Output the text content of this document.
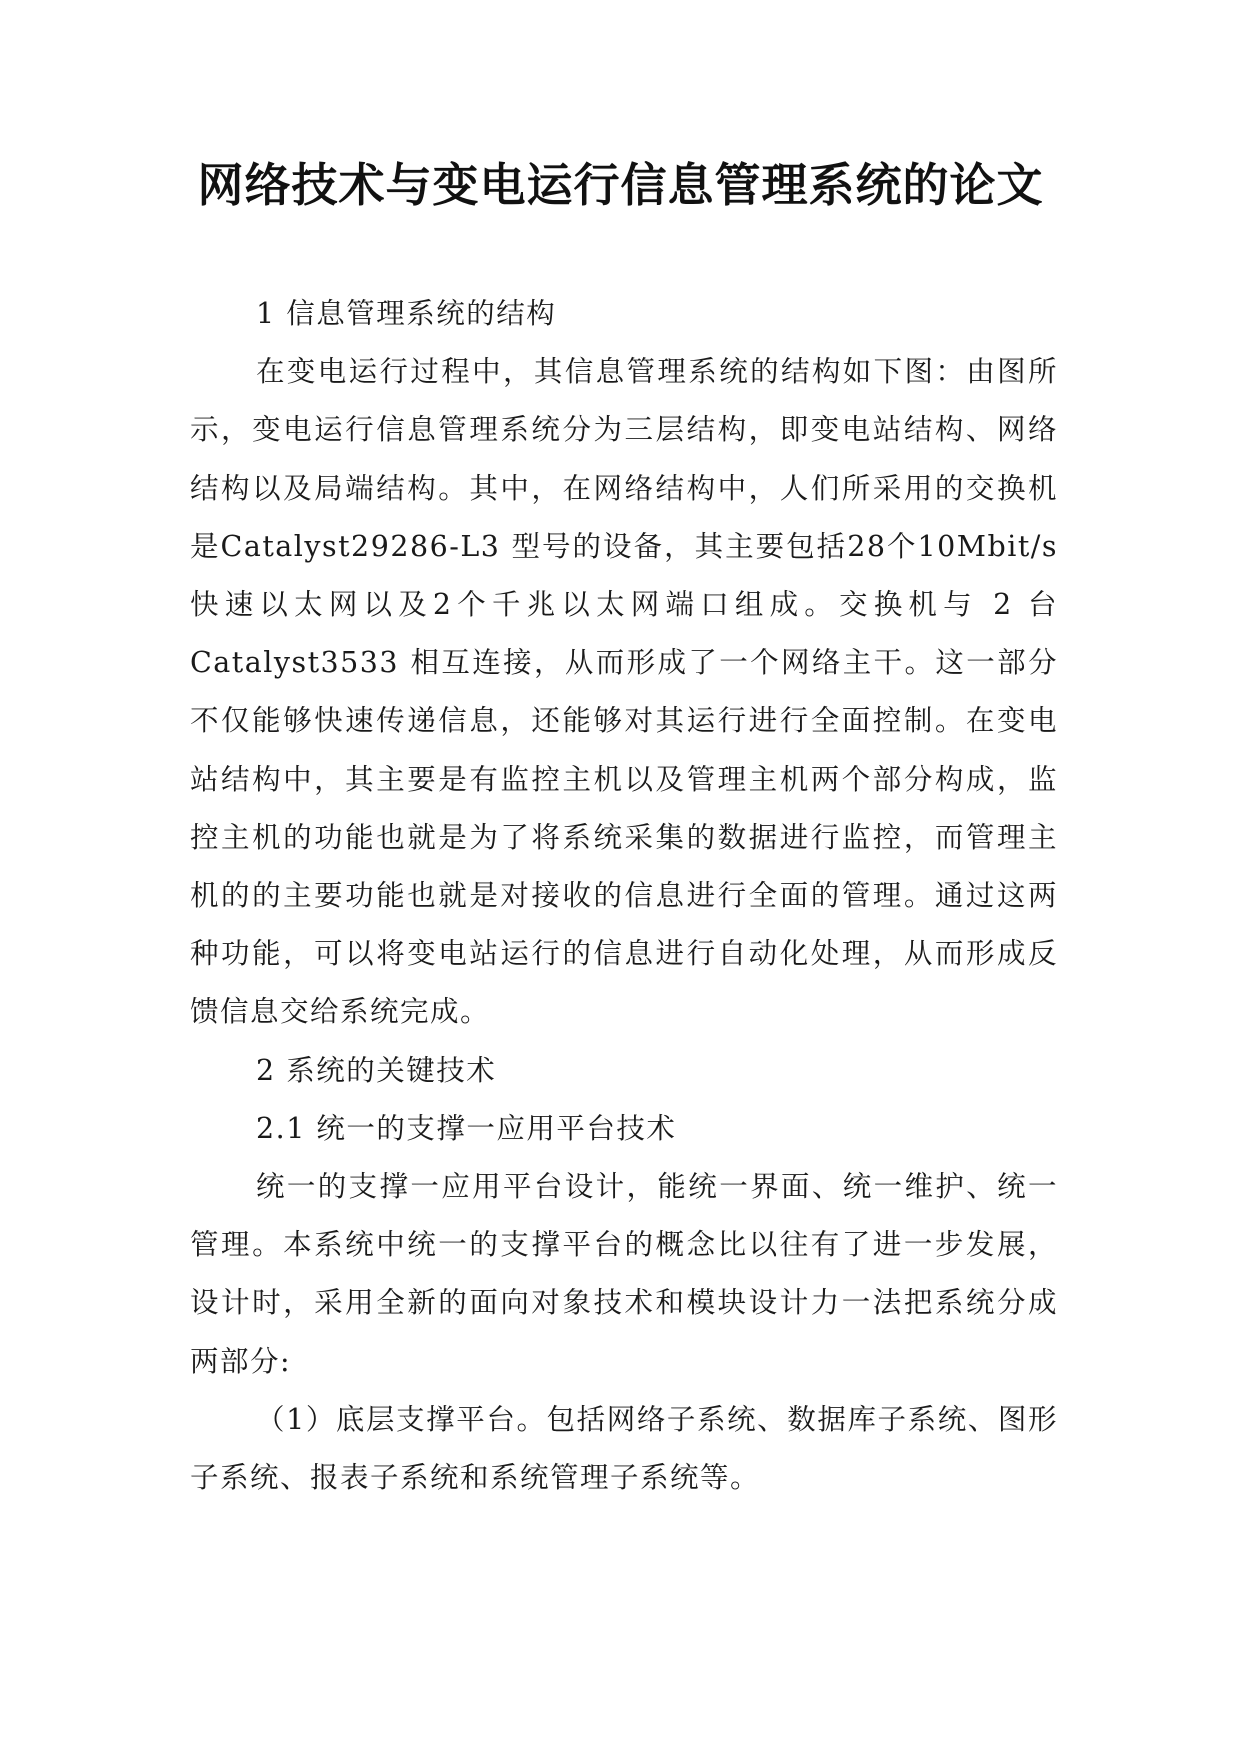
网络技术与变电运行信息管理系统的论文

1 信息管理系统的结构

在变电运行过程中，其信息管理系统的结构如下图：由图所示，变电运行信息管理系统分为三层结构，即变电站结构、网络结构以及局端结构。其中，在网络结构中，人们所采用的交换机是Catalyst29286-L3 型号的设备，其主要包括28个10Mbit/s快速以太网以及2个千兆以太网端口组成。交换机与 2 台 Catalyst3533 相互连接，从而形成了一个网络主干。这一部分不仅能够快速传递信息，还能够对其运行进行全面控制。在变电站结构中，其主要是有监控主机以及管理主机两个部分构成，监控主机的功能也就是为了将系统采集的数据进行监控，而管理主机的的主要功能也就是对接收的信息进行全面的管理。通过这两种功能，可以将变电站运行的信息进行自动化处理，从而形成反馈信息交给系统完成。

2 系统的关键技术

2.1 统一的支撑一应用平台技术

统一的支撑一应用平台设计，能统一界面、统一维护、统一管理。本系统中统一的支撑平台的概念比以往有了进一步发展，设计时，采用全新的面向对象技术和模块设计力一法把系统分成两部分:

（1）底层支撑平台。包括网络子系统、数据库子系统、图形子系统、报表子系统和系统管理子系统等。
